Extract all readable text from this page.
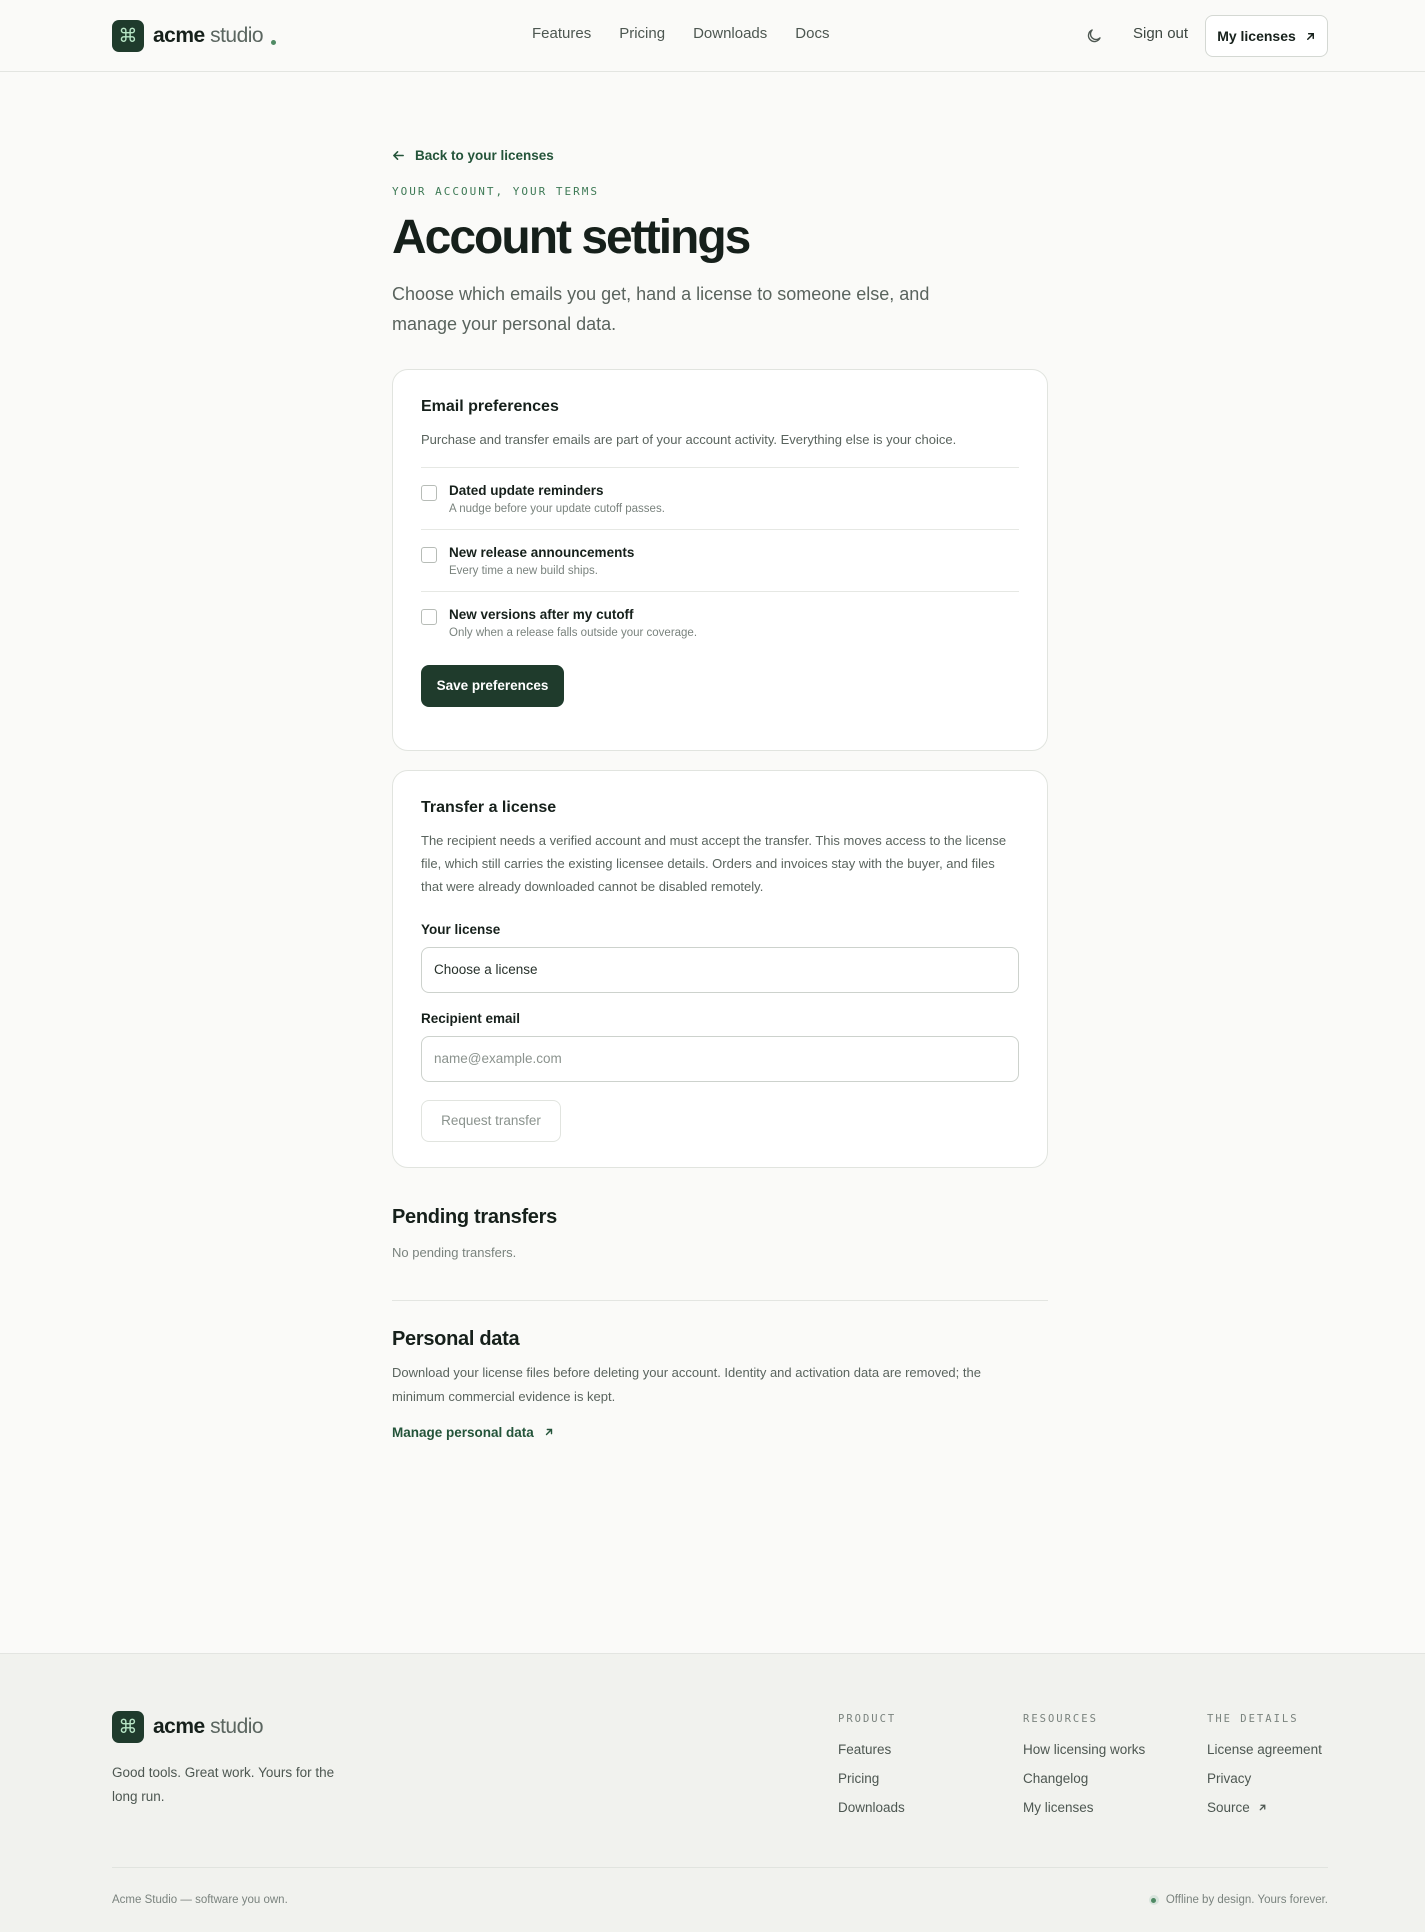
⌘ acme studio	Features Pricing Downloads Docs	Sign out My licenses
Back to your licenses
YOUR ACCOUNT, YOUR TERMS
Account settings

Choose which emails you get, hand a license to someone else, and manage your personal data.

Email preferences

Purchase and transfer emails are part of your account activity. Everything else is your choice.

Dated update reminders
A nudge before your update cutoff passes.
New release announcements
Every time a new build ships.
New versions after my cutoff
Only when a release falls outside your coverage.
Save preferences
Transfer a license

The recipient needs a verified account and must accept the transfer. This moves access to the license file, which still carries the existing licensee details. Orders and invoices stay with the buyer, and files that were already downloaded cannot be disabled remotely.

Your license
Choose a license
Recipient email
name@example.com
Request transfer
Pending transfers

No pending transfers.

Personal data

Download your license files before deleting your account. Identity and activation data are removed; the minimum commercial evidence is kept.

Manage personal data
⌘ acme studio

Good tools. Great work. Yours for the long run.

PRODUCT
Features
Pricing
Downloads
RESOURCES
How licensing works
Changelog
My licenses
THE DETAILS
License agreement
Privacy
Source
Acme Studio — software you own.	Offline by design. Yours forever.
